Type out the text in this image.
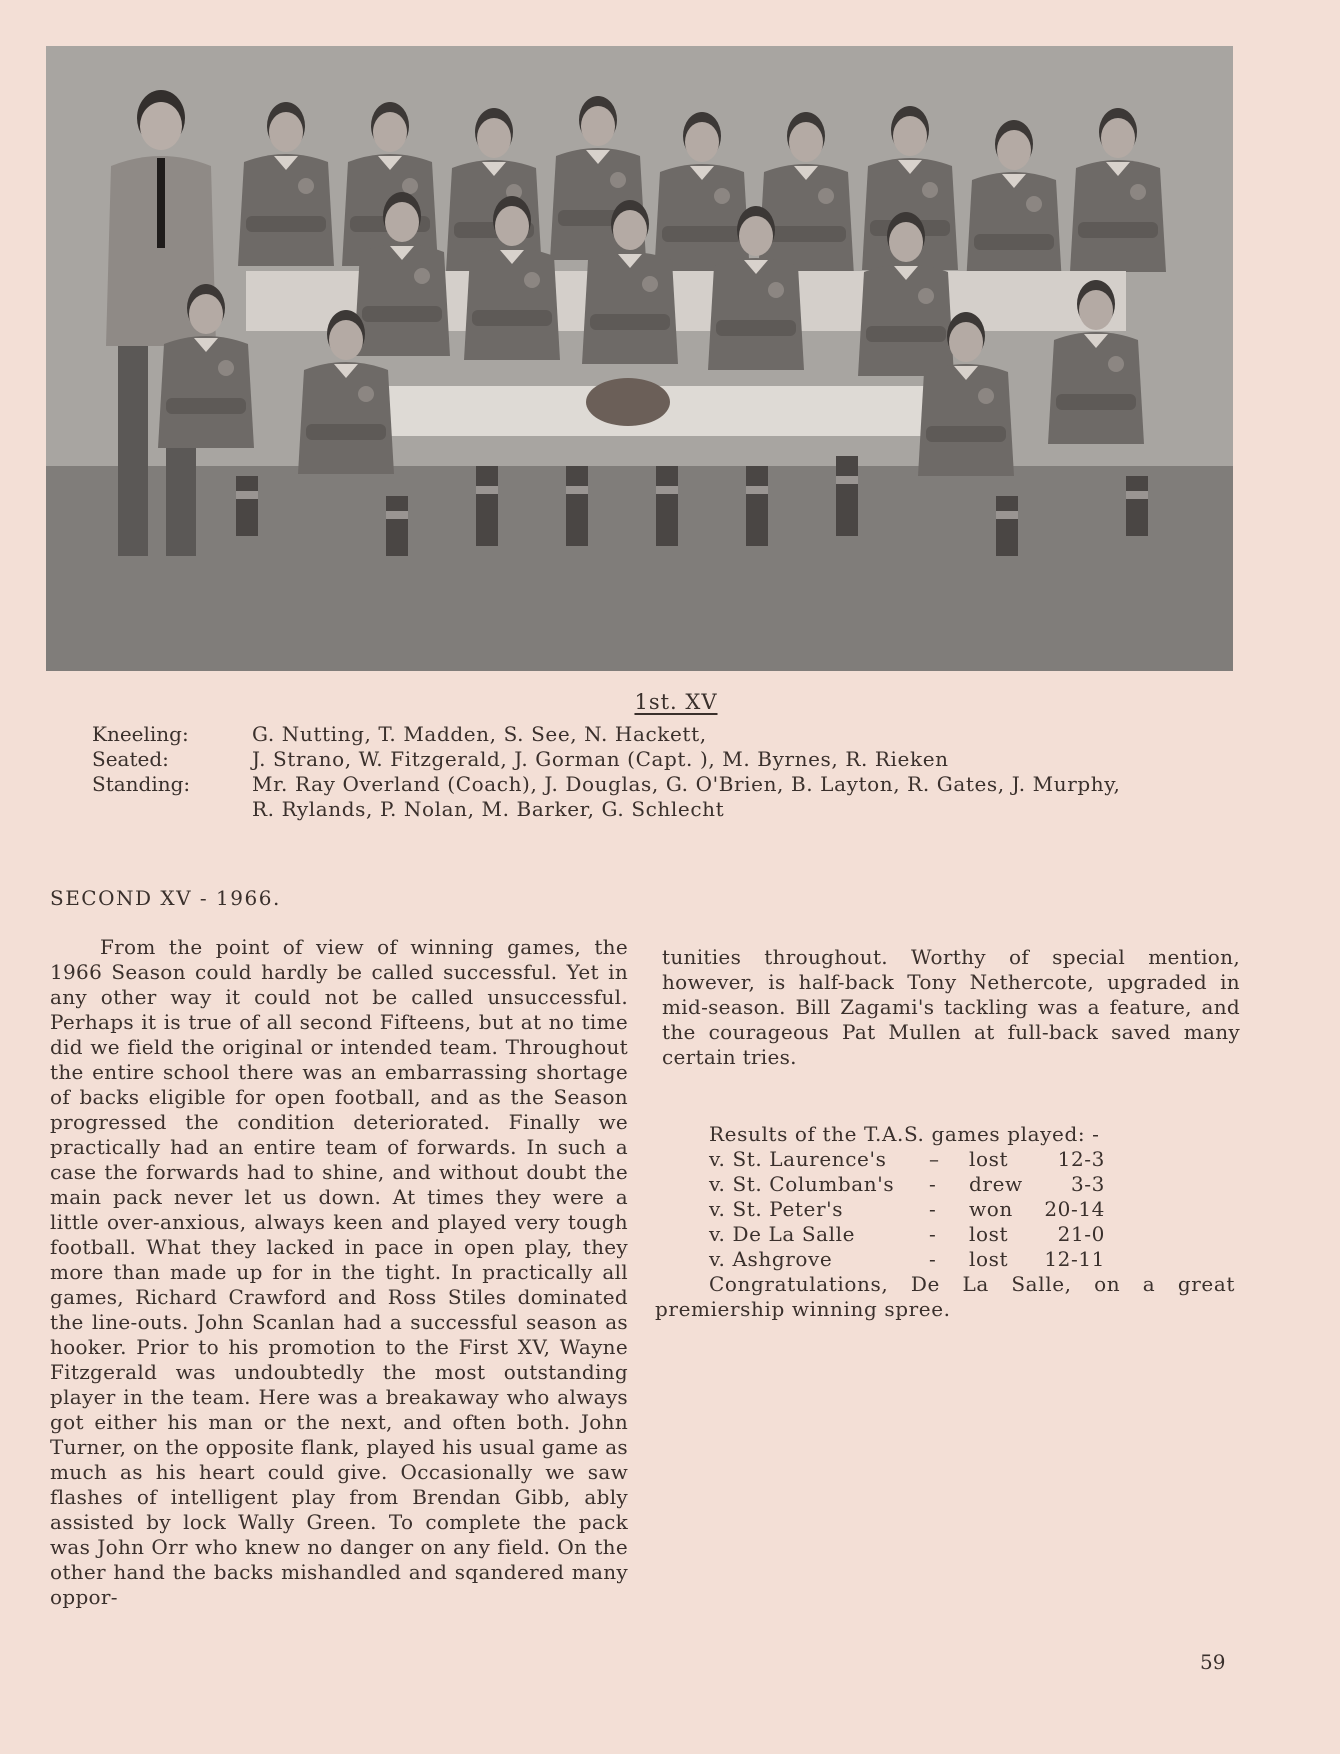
1st. XV
Kneeling:	G. Nutting, T. Madden, S. See, N. Hackett,
Seated:	J. Strano, W. Fitzgerald, J. Gorman (Capt. ), M. Byrnes, R. Rieken
Standing:	Mr. Ray Overland (Coach), J. Douglas, G. O'Brien, B. Layton, R. Gates, J. Murphy,
R. Rylands, P. Nolan, M. Barker, G. Schlecht
SECOND XV - 1966.

From the point of view of winning games, the 1966 Season could hardly be called successful. Yet in any other way it could not be called unsuccessful. Perhaps it is true of all second Fifteens, but at no time did we field the original or intended team. Throughout the entire school there was an embarrassing shortage of backs eligible for open football, and as the Season progressed the condition deteriorated. Finally we practically had an entire team of forwards. In such a case the forwards had to shine, and without doubt the main pack never let us down. At times they were a little over-anxious, always keen and played very tough football. What they lacked in pace in open play, they more than made up for in the tight. In practically all games, Richard Crawford and Ross Stiles dominated the line-outs. John Scanlan had a successful season as hooker. Prior to his promotion to the First XV, Wayne Fitzgerald was undoubtedly the most outstanding player in the team. Here was a breakaway who always got either his man or the next, and often both. John Turner, on the opposite flank, played his usual game as much as his heart could give. Occasionally we saw flashes of intelligent play from Brendan Gibb, ably assisted by lock Wally Green. To complete the pack was John Orr who knew no danger on any field. On the other hand the backs mishandled and sqandered many oppor-

tunities throughout. Worthy of special mention, however, is half-back Tony Nethercote, upgraded in mid-season. Bill Zagami's tackling was a feature, and the courageous Pat Mullen at full-back saved many certain tries.

Results of the T.A.S. games played: -
v. St. Laurence's	–	lost	12-3
v. St. Columban's	-	drew	3-3
v. St. Peter's	-	won	20-14
v. De La Salle	-	lost	21-0
v. Ashgrove	-	lost	12-11
Congratulations, De La Salle, on a great premiership winning spree.
59
